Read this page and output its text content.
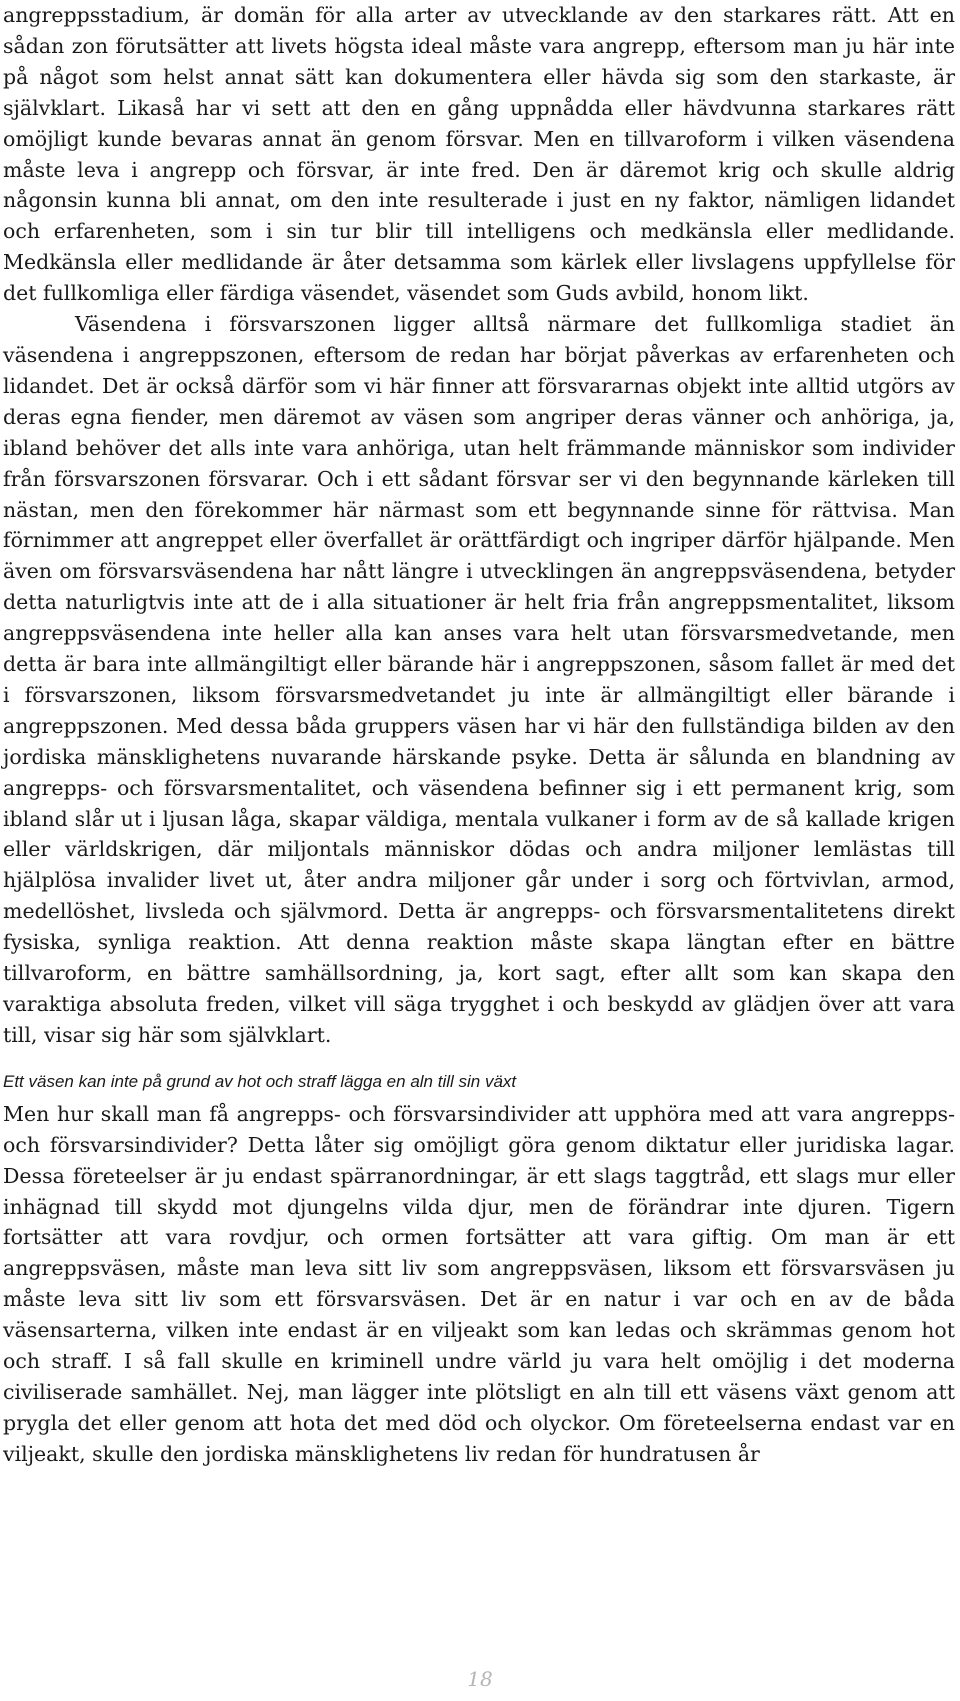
angreppsstadium, är domän för alla arter av utvecklande av den starkares rätt. Att en sådan zon förutsätter att livets högsta ideal måste vara angrepp, eftersom man ju här inte på något som helst annat sätt kan dokumentera eller hävda sig som den starkaste, är självklart. Likaså har vi sett att den en gång uppnådda eller hävdvunna starkares rätt omöjligt kunde bevaras annat än genom försvar. Men en tillvaroform i vilken väsendena måste leva i angrepp och försvar, är inte fred. Den är däremot krig och skulle aldrig någonsin kunna bli annat, om den inte resulterade i just en ny faktor, nämligen lidandet och erfarenheten, som i sin tur blir till intelligens och medkänsla eller medlidande. Medkänsla eller medlidande är åter detsamma som kärlek eller livslagens uppfyllelse för det fullkomliga eller färdiga väsendet, väsendet som Guds avbild, honom likt.

Väsendena i försvarszonen ligger alltså närmare det fullkomliga stadiet än väsendena i angreppszonen, eftersom de redan har börjat påverkas av erfarenheten och lidandet. Det är också därför som vi här finner att försvararnas objekt inte alltid utgörs av deras egna fiender, men däremot av väsen som angriper deras vänner och anhöriga, ja, ibland behöver det alls inte vara anhöriga, utan helt främmande människor som individer från försvarszonen försvarar. Och i ett sådant försvar ser vi den begynnande kärleken till nästan, men den förekommer här närmast som ett begynnande sinne för rättvisa. Man förnimmer att angreppet eller överfallet är orättfärdigt och ingriper därför hjälpande. Men även om försvarsväsendena har nått längre i utvecklingen än angreppsväsendena, betyder detta naturligtvis inte att de i alla situationer är helt fria från angreppsmentalitet, liksom angreppsväsendena inte heller alla kan anses vara helt utan försvarsmedvetande, men detta är bara inte allmängiltigt eller bärande här i angreppszonen, såsom fallet är med det i försvarszonen, liksom försvarsmedvetandet ju inte är allmängiltigt eller bärande i angreppszonen. Med dessa båda gruppers väsen har vi här den fullständiga bilden av den jordiska mänsklighetens nuvarande härskande psyke. Detta är sålunda en blandning av angrepps- och försvarsmentalitet, och väsendena befinner sig i ett permanent krig, som ibland slår ut i ljusan låga, skapar väldiga, mentala vulkaner i form av de så kallade krigen eller världskrigen, där miljontals människor dödas och andra miljoner lemlästas till hjälplösa invalider livet ut, åter andra miljoner går under i sorg och förtvivlan, armod, medellöshet, livsleda och självmord. Detta är angrepps- och försvarsmentalitetens direkt fysiska, synliga reaktion. Att denna reaktion måste skapa längtan efter en bättre tillvaroform, en bättre samhällsordning, ja, kort sagt, efter allt som kan skapa den varaktiga absoluta freden, vilket vill säga trygghet i och beskydd av glädjen över att vara till, visar sig här som självklart.

Ett väsen kan inte på grund av hot och straff lägga en aln till sin växt

Men hur skall man få angrepps- och försvarsindivider att upphöra med att vara angrepps- och försvarsindivider? Detta låter sig omöjligt göra genom diktatur eller juridiska lagar. Dessa företeelser är ju endast spärranordningar, är ett slags taggtråd, ett slags mur eller inhägnad till skydd mot djungelns vilda djur, men de förändrar inte djuren. Tigern fortsätter att vara rovdjur, och ormen fortsätter att vara giftig. Om man är ett angreppsväsen, måste man leva sitt liv som angreppsväsen, liksom ett försvarsväsen ju måste leva sitt liv som ett försvarsväsen. Det är en natur i var och en av de båda väsensarterna, vilken inte endast är en viljeakt som kan ledas och skrämmas genom hot och straff. I så fall skulle en kriminell undre värld ju vara helt omöjlig i det moderna civiliserade samhället. Nej, man lägger inte plötsligt en aln till ett väsens växt genom att prygla det eller genom att hota det med död och olyckor. Om företeelserna endast var en viljeakt, skulle den jordiska mänsklighetens liv redan för hundratusen år

18
